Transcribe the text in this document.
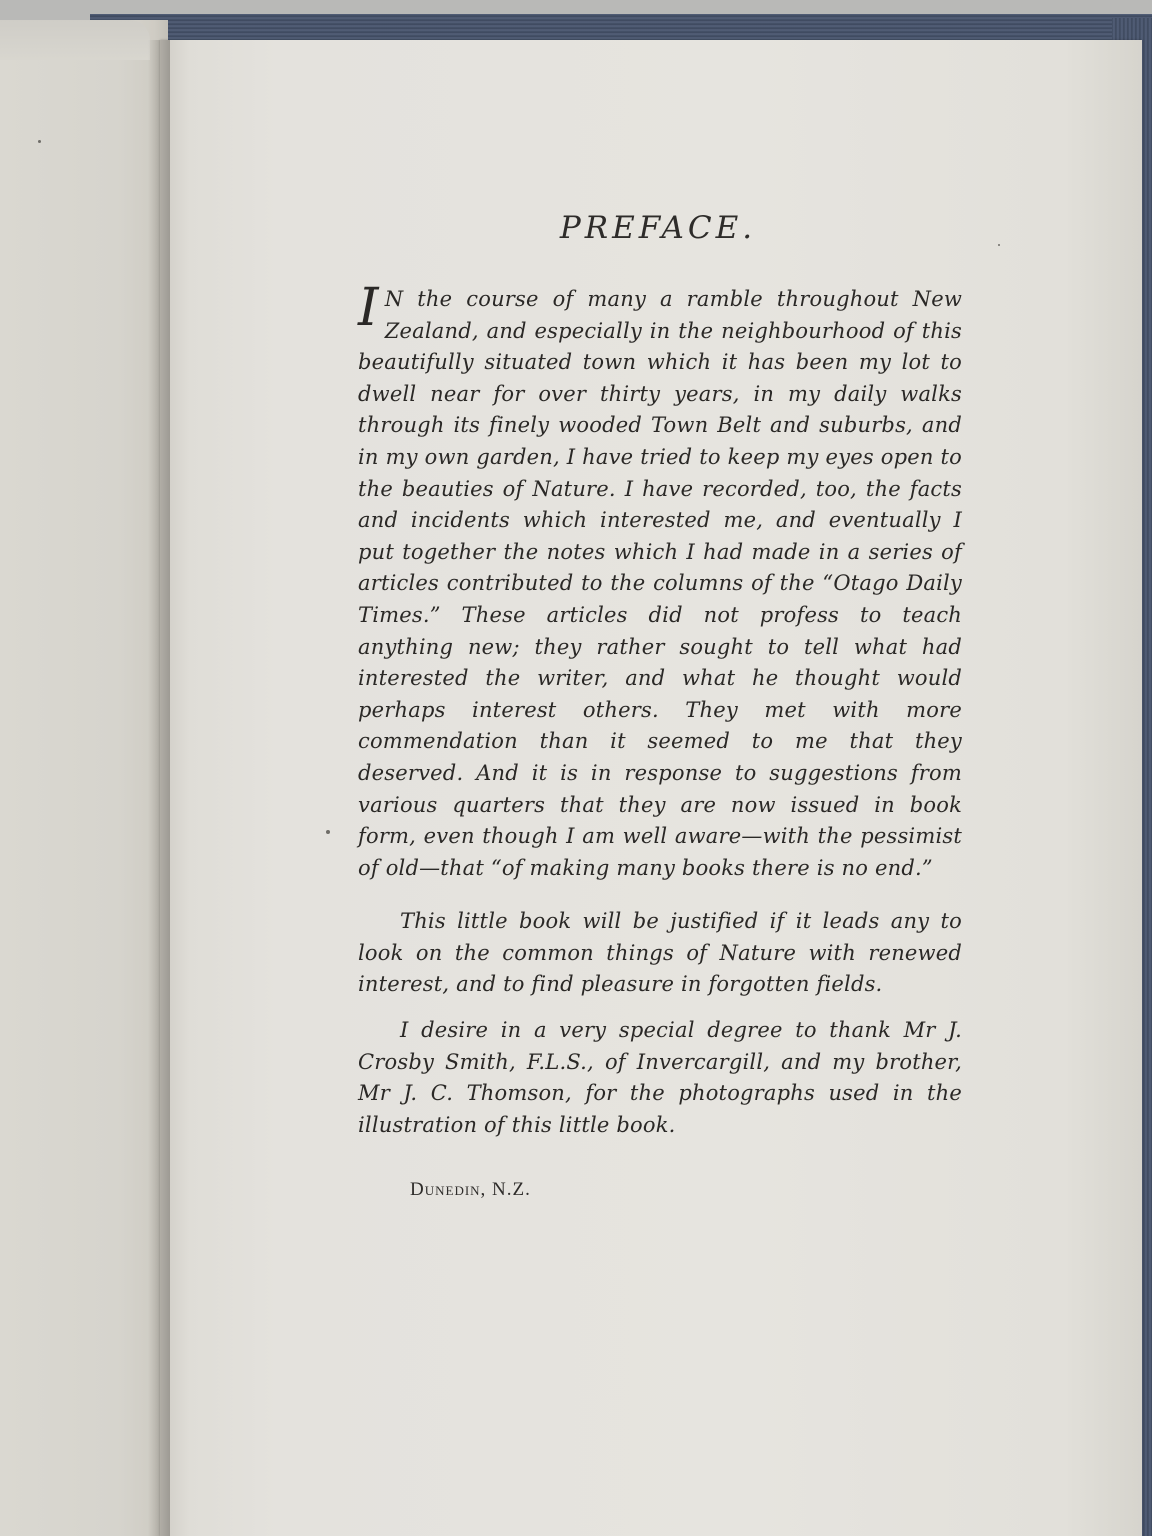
PREFACE.

I N the course of many a ramble throughout New Zealand, and especially in the neighbourhood of this beautifully situated town which it has been my lot to dwell near for over thirty years, in my daily walks through its finely wooded Town Belt and suburbs, and in my own garden, I have tried to keep my eyes open to the beauties of Nature. I have recorded, too, the facts and incidents which interested me, and eventually I put together the notes which I had made in a series of articles contributed to the columns of the “Otago Daily Times.” These articles did not profess to teach anything new; they rather sought to tell what had interested the writer, and what he thought would perhaps interest others. They met with more commendation than it seemed to me that they deserved. And it is in response to suggestions from various quarters that they are now issued in book form, even though I am well aware—with the pessimist of old—that “of making many books there is no end.”

This little book will be justified if it leads any to look on the common things of Nature with renewed interest, and to find pleasure in forgotten fields.

I desire in a very special degree to thank Mr J. Crosby Smith, F.L.S., of Invercargill, and my brother, Mr J. C. Thomson, for the photographs used in the illustration of this little book.

Dunedin, N.Z.
